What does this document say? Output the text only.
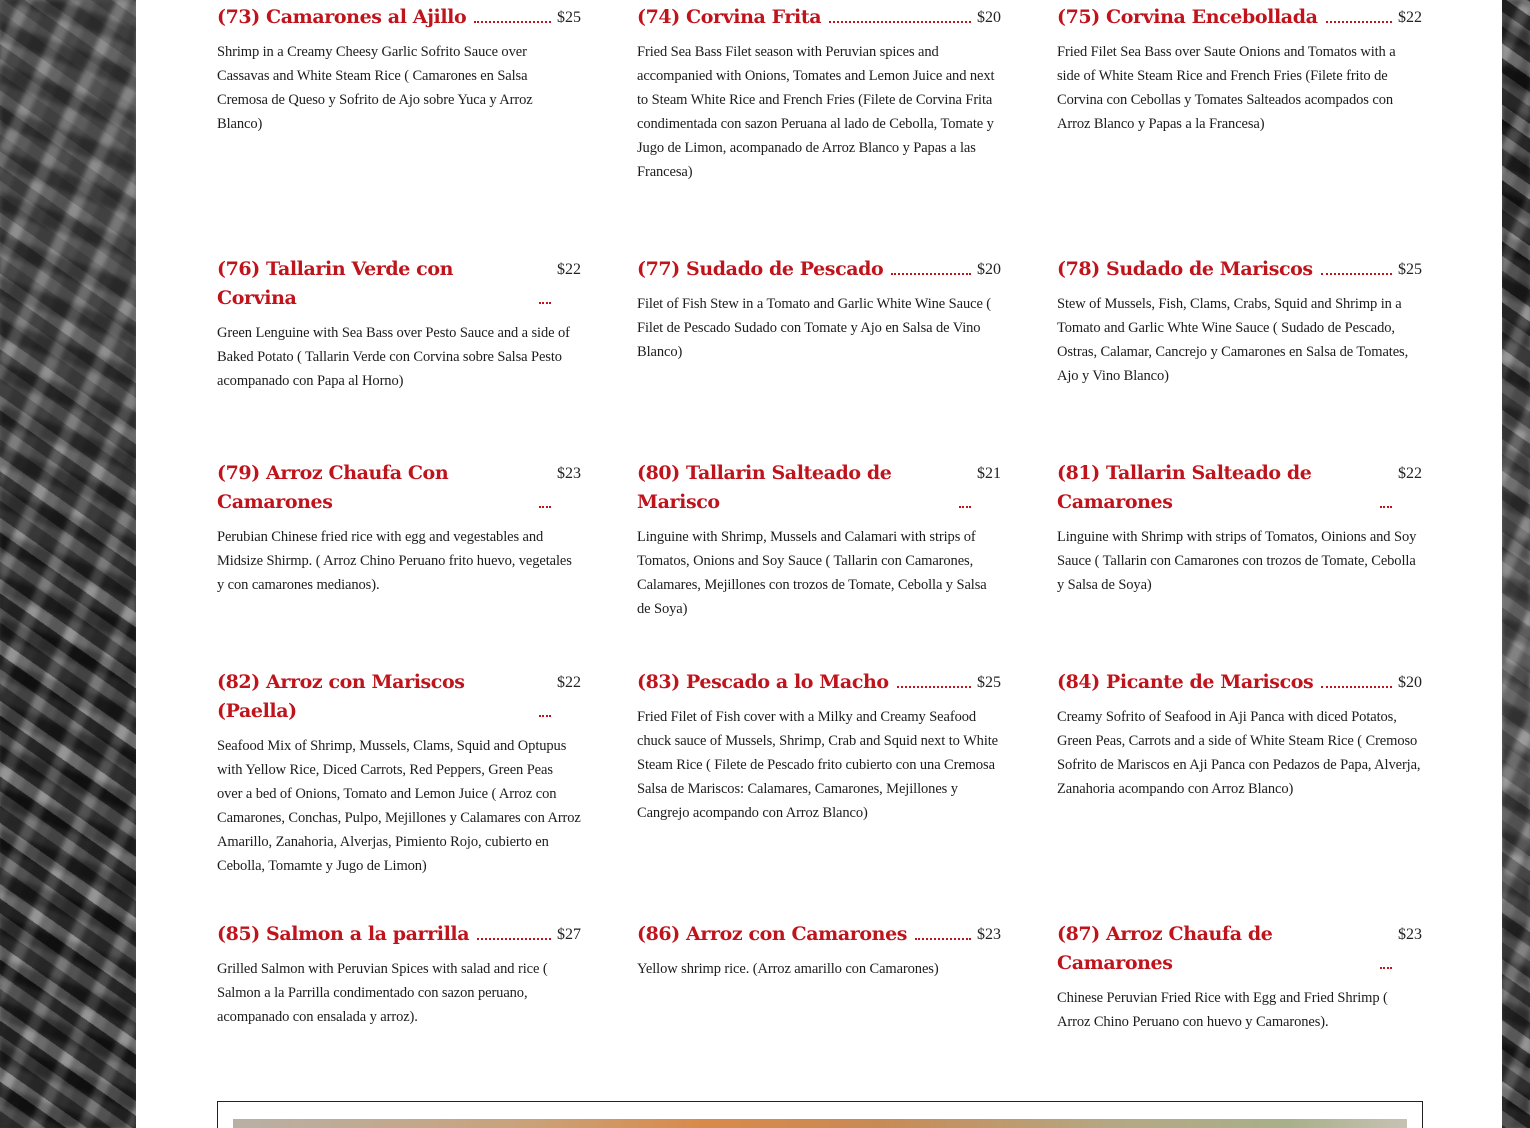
(73) Camarones al Ajillo	$25

Shrimp in a Creamy Cheesy Garlic Sofrito Sauce over Cassavas and White Steam Rice ( Camarones en Salsa Cremosa de Queso y Sofrito de Ajo sobre Yuca y Arroz Blanco)

(74) Corvina Frita	$20

Fried Sea Bass Filet season with Peruvian spices and accompanied with Onions, Tomates and Lemon Juice and next to Steam White Rice and French Fries (Filete de Corvina Frita condimentada con sazon Peruana al lado de Cebolla, Tomate y Jugo de Limon, acompanado de Arroz Blanco y Papas a las Francesa)

(75) Corvina Encebollada	$22

Fried Filet Sea Bass over Saute Onions and Tomatos with a side of White Steam Rice and French Fries (Filete frito de Corvina con Cebollas y Tomates Salteados acompados con Arroz Blanco y Papas a la Francesa)

(76) Tallarin Verde con Corvina
$22

Green Lenguine with Sea Bass over Pesto Sauce and a side of Baked Potato ( Tallarin Verde con Corvina sobre Salsa Pesto acompanado con Papa al Horno)

(77) Sudado de Pescado	$20

Filet of Fish Stew in a Tomato and Garlic White Wine Sauce ( Filet de Pescado Sudado con Tomate y Ajo en Salsa de Vino Blanco)

(78) Sudado de Mariscos	$25

Stew of Mussels, Fish, Clams, Crabs, Squid and Shrimp in a Tomato and Garlic Whte Wine Sauce ( Sudado de Pescado, Ostras, Calamar, Cancrejo y Camarones en Salsa de Tomates, Ajo y Vino Blanco)

(79) Arroz Chaufa Con Camarones
$23

Perubian Chinese fried rice with egg and vegestables and Midsize Shirmp. ( Arroz Chino Peruano frito huevo, vegetales y con camarones medianos).

(80) Tallarin Salteado de Marisco
$21

Linguine with Shrimp, Mussels and Calamari with strips of Tomatos, Onions and Soy Sauce ( Tallarin con Camarones, Calamares, Mejillones con trozos de Tomate, Cebolla y Salsa de Soya)

(81) Tallarin Salteado de Camarones
$22

Linguine with Shrimp with strips of Tomatos, Oinions and Soy Sauce ( Tallarin con Camarones con trozos de Tomate, Cebolla y Salsa de Soya)

(82) Arroz con Mariscos (Paella)
$22

Seafood Mix of Shrimp, Mussels, Clams, Squid and Optupus with Yellow Rice, Diced Carrots, Red Peppers, Green Peas over a bed of Onions, Tomato and Lemon Juice ( Arroz con Camarones, Conchas, Pulpo, Mejillones y Calamares con Arroz Amarillo, Zanahoria, Alverjas, Pimiento Rojo, cubierto en Cebolla, Tomamte y Jugo de Limon)

(83) Pescado a lo Macho	$25

Fried Filet of Fish cover with a Milky and Creamy Seafood chuck sauce of Mussels, Shrimp, Crab and Squid next to White Steam Rice ( Filete de Pescado frito cubierto con una Cremosa Salsa de Mariscos: Calamares, Camarones, Mejillones y Cangrejo acompando con Arroz Blanco)

(84) Picante de Mariscos	$20

Creamy Sofrito of Seafood in Aji Panca with diced Potatos, Green Peas, Carrots and a side of White Steam Rice ( Cremoso Sofrito de Mariscos en Aji Panca con Pedazos de Papa, Alverja, Zanahoria acompando con Arroz Blanco)

(85) Salmon a la parrilla	$27

Grilled Salmon with Peruvian Spices with salad and rice ( Salmon a la Parrilla condimentado con sazon peruano, acompanado con ensalada y arroz).

(86) Arroz con Camarones	$23

Yellow shrimp rice. (Arroz amarillo con Camarones)

(87) Arroz Chaufa de Camarones
$23

Chinese Peruvian Fried Rice with Egg and Fried Shrimp ( Arroz Chino Peruano con huevo y Camarones).
